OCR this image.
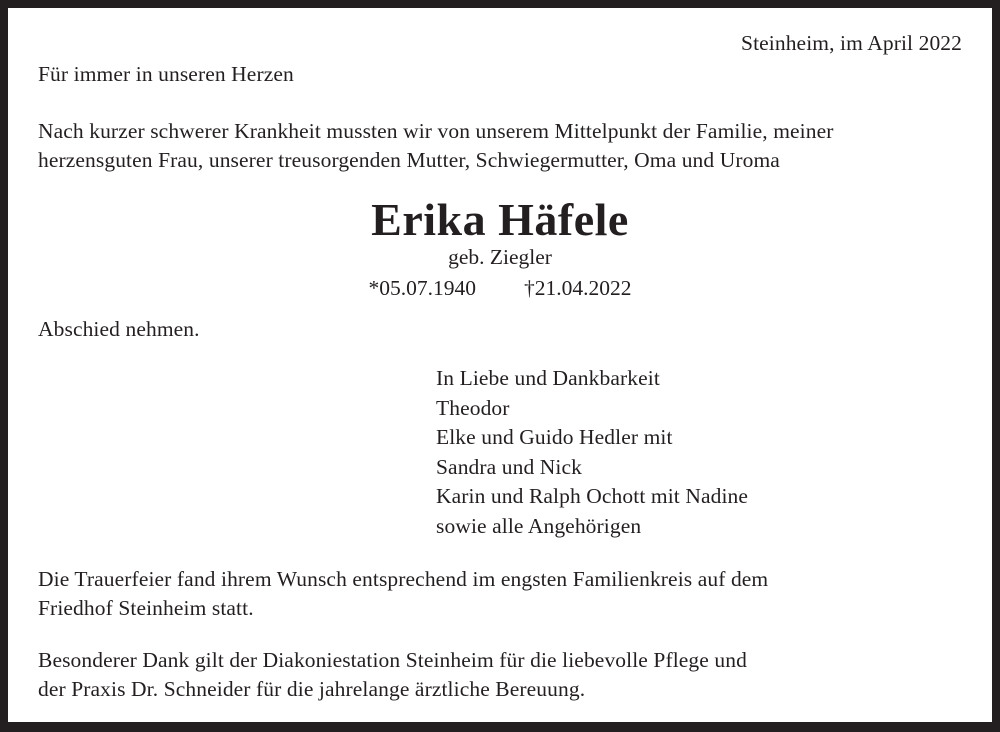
Steinheim, im April 2022
Für immer in unseren Herzen
Nach kurzer schwerer Krankheit mussten wir von unserem Mittelpunkt der Familie, meiner
herzensguten Frau, unserer treusorgenden Mutter, Schwiegermutter, Oma und Uroma
Erika Häfele
geb. Ziegler
*05.07.1940 †21.04.2022
Abschied nehmen.
In Liebe und Dankbarkeit
Theodor
Elke und Guido Hedler mit
Sandra und Nick
Karin und Ralph Ochott mit Nadine
sowie alle Angehörigen
Die Trauerfeier fand ihrem Wunsch entsprechend im engsten Familienkreis auf dem
Friedhof Steinheim statt.
Besonderer Dank gilt der Diakoniestation Steinheim für die liebevolle Pflege und
der Praxis Dr. Schneider für die jahrelange ärztliche Bereuung.
